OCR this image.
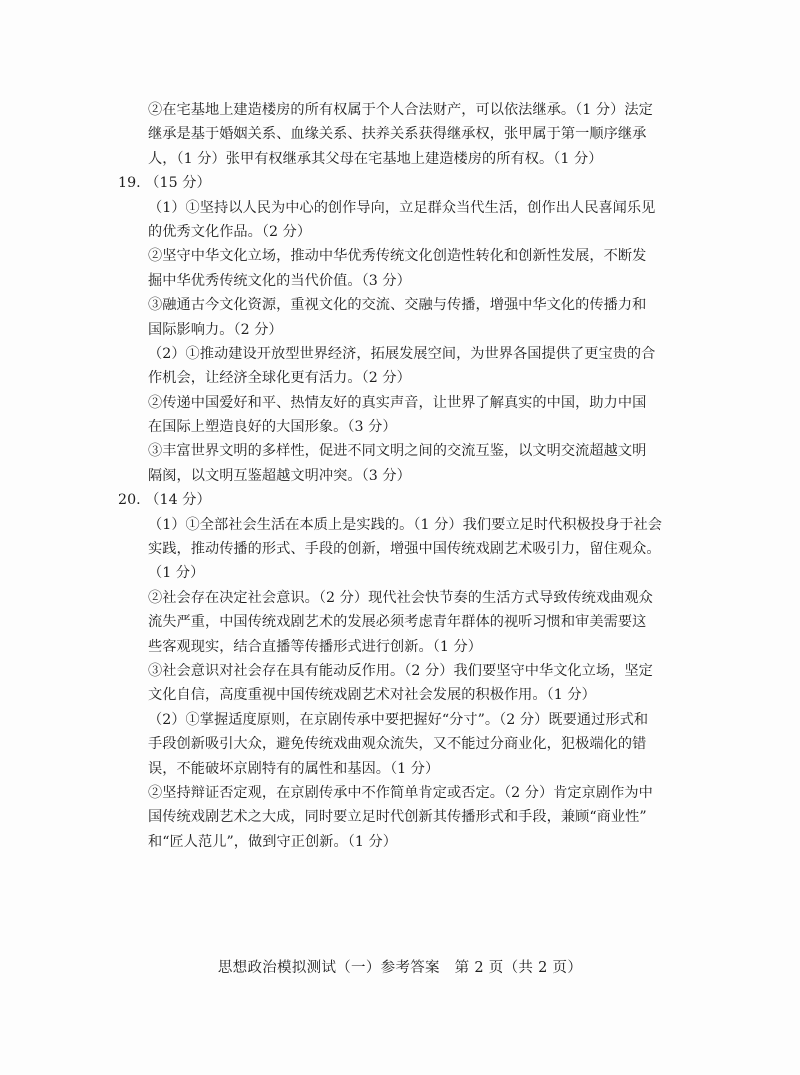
②在宅基地上建造楼房的所有权属于个人合法财产，可以依法继承。（1 分）法定
继承是基于婚姻关系、血缘关系、扶养关系获得继承权，张甲属于第一顺序继承
人，（1 分）张甲有权继承其父母在宅基地上建造楼房的所有权。（1 分）
19. （15 分）
（1）①坚持以人民为中心的创作导向，立足群众当代生活，创作出人民喜闻乐见
的优秀文化作品。（2 分）
②坚守中华文化立场，推动中华优秀传统文化创造性转化和创新性发展，不断发
掘中华优秀传统文化的当代价值。（3 分）
③融通古今文化资源，重视文化的交流、交融与传播，增强中华文化的传播力和
国际影响力。（2 分）
（2）①推动建设开放型世界经济，拓展发展空间，为世界各国提供了更宝贵的合
作机会，让经济全球化更有活力。（2 分）
②传递中国爱好和平、热情友好的真实声音，让世界了解真实的中国，助力中国
在国际上塑造良好的大国形象。（3 分）
③丰富世界文明的多样性，促进不同文明之间的交流互鉴，以文明交流超越文明
隔阂，以文明互鉴超越文明冲突。（3 分）
20. （14 分）
（1）①全部社会生活在本质上是实践的。（1 分）我们要立足时代积极投身于社会
实践，推动传播的形式、手段的创新，增强中国传统戏剧艺术吸引力，留住观众。
（1 分）
②社会存在决定社会意识。（2 分）现代社会快节奏的生活方式导致传统戏曲观众
流失严重，中国传统戏剧艺术的发展必须考虑青年群体的视听习惯和审美需要这
些客观现实，结合直播等传播形式进行创新。（1 分）
③社会意识对社会存在具有能动反作用。（2 分）我们要坚守中华文化立场，坚定
文化自信，高度重视中国传统戏剧艺术对社会发展的积极作用。（1 分）
（2）①掌握适度原则，在京剧传承中要把握好“分寸”。（2 分）既要通过形式和
手段创新吸引大众，避免传统戏曲观众流失，又不能过分商业化，犯极端化的错
误，不能破坏京剧特有的属性和基因。（1 分）
②坚持辩证否定观，在京剧传承中不作简单肯定或否定。（2 分）肯定京剧作为中
国传统戏剧艺术之大成，同时要立足时代创新其传播形式和手段，兼顾“商业性”
和“匠人范儿”，做到守正创新。（1 分）
思想政治模拟测试（一）参考答案　第 2 页（共 2 页）
